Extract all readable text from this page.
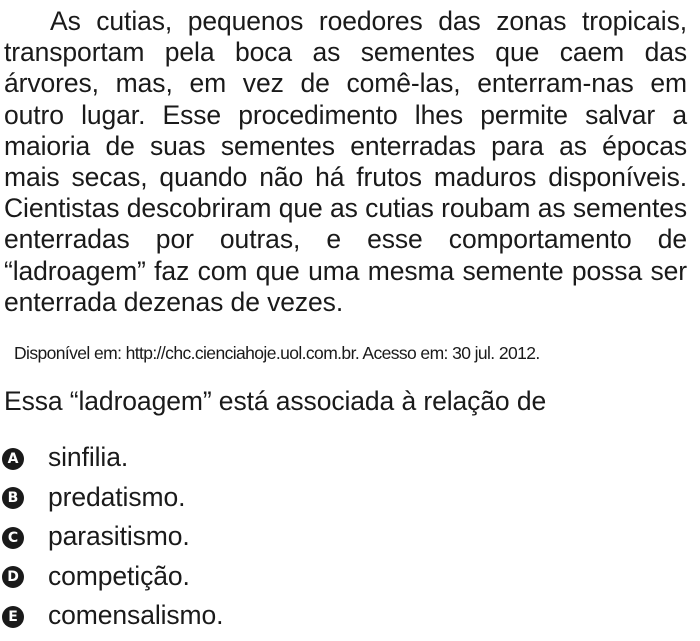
As cutias, pequenos roedores das zonas tropicais, transportam pela boca as sementes que caem das árvores, mas, em vez de comê-las, enterram-nas em outro lugar. Esse procedimento lhes permite salvar a maioria de suas sementes enterradas para as épocas mais secas, quando não há frutos maduros disponíveis. Cientistas descobriram que as cutias roubam as sementes enterradas por outras, e esse comportamento de “ladroagem” faz com que uma mesma semente possa ser enterrada dezenas de vezes.

Disponível em: http://chc.cienciahoje.uol.com.br. Acesso em: 30 jul. 2012.

Essa “ladroagem” está associada à relação de

A sinfilia.
B predatismo.
C parasitismo.
D competição.
E comensalismo.
